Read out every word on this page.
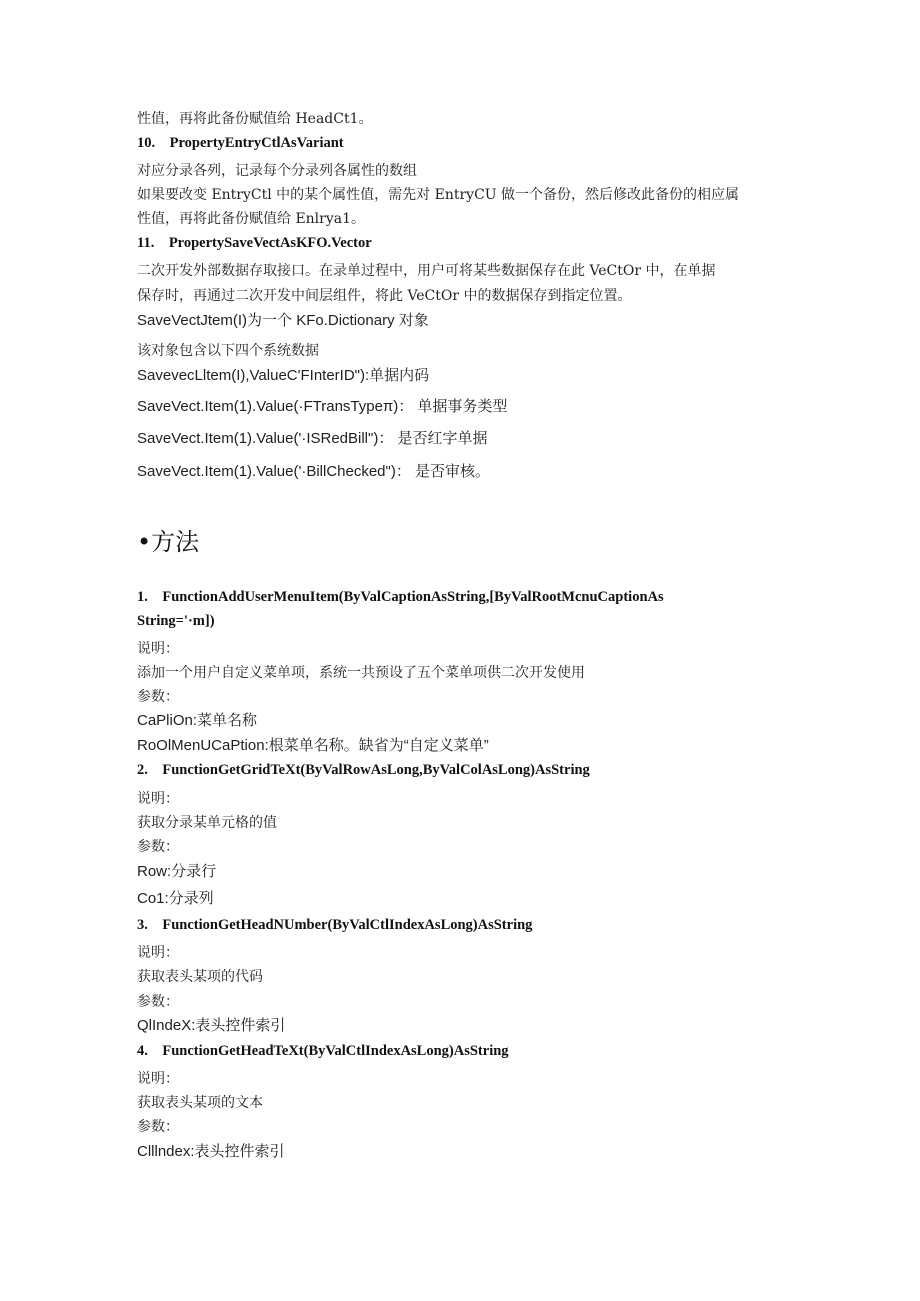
性值，再将此备份赋值给 HeadCt1。
10.    PropertyEntryCtlAsVariant
对应分录各列，记录每个分录列各属性的数组
如果要改变 EntryCtl 中的某个属性值，需先对 EntryCU 做一个备份，然后修改此备份的相应属
性值，再将此备份赋值给 Enlrya1。
11.    PropertySaveVectAsKFO.Vector
二次开发外部数据存取接口。在录单过程中，用户可将某些数据保存在此 VeCtOr 中，在单据
保存时，再通过二次开发中间层组件，将此 VeCtOr 中的数据保存到指定位置。
SaveVectJtem(I)为一个 KFo.Dictionary 对象
该对象包含以下四个系统数据
SavevecLltem(I),ValueC'FInterID"):单据内码
SaveVect.Item(1).Value(·FTransTypeπ)： 单据事务类型
SaveVect.Item(1).Value('·ISRedBill")： 是否红字单据
SaveVect.Item(1).Value('·BillChecked")： 是否审核。
1.    FunctionAddUserMenuItem(ByValCaptionAsString,[ByValRootMcnuCaptionAs
String='·m])
说明：
添加一个用户自定义菜单项，系统一共预设了五个菜单项供二次开发使用
参数：
CaPliOn:菜单名称
RoOlMenUCaPtion:根菜单名称。缺省为“自定义菜单”
2.    FunctionGetGridTeXt(ByValRowAsLong,ByValColAsLong)AsString
说明：
获取分录某单元格的值
参数：
Row:分录行
Co1:分录列
3.    FunctionGetHeadNUmber(ByValCtlIndexAsLong)AsString
说明：
获取表头某项的代码
参数：
QlIndeX:表头控件索引
4.    FunctionGetHeadTeXt(ByValCtlIndexAsLong)AsString
说明：
获取表头某项的文本
参数：
Clllndex:表头控件索引
•方法
